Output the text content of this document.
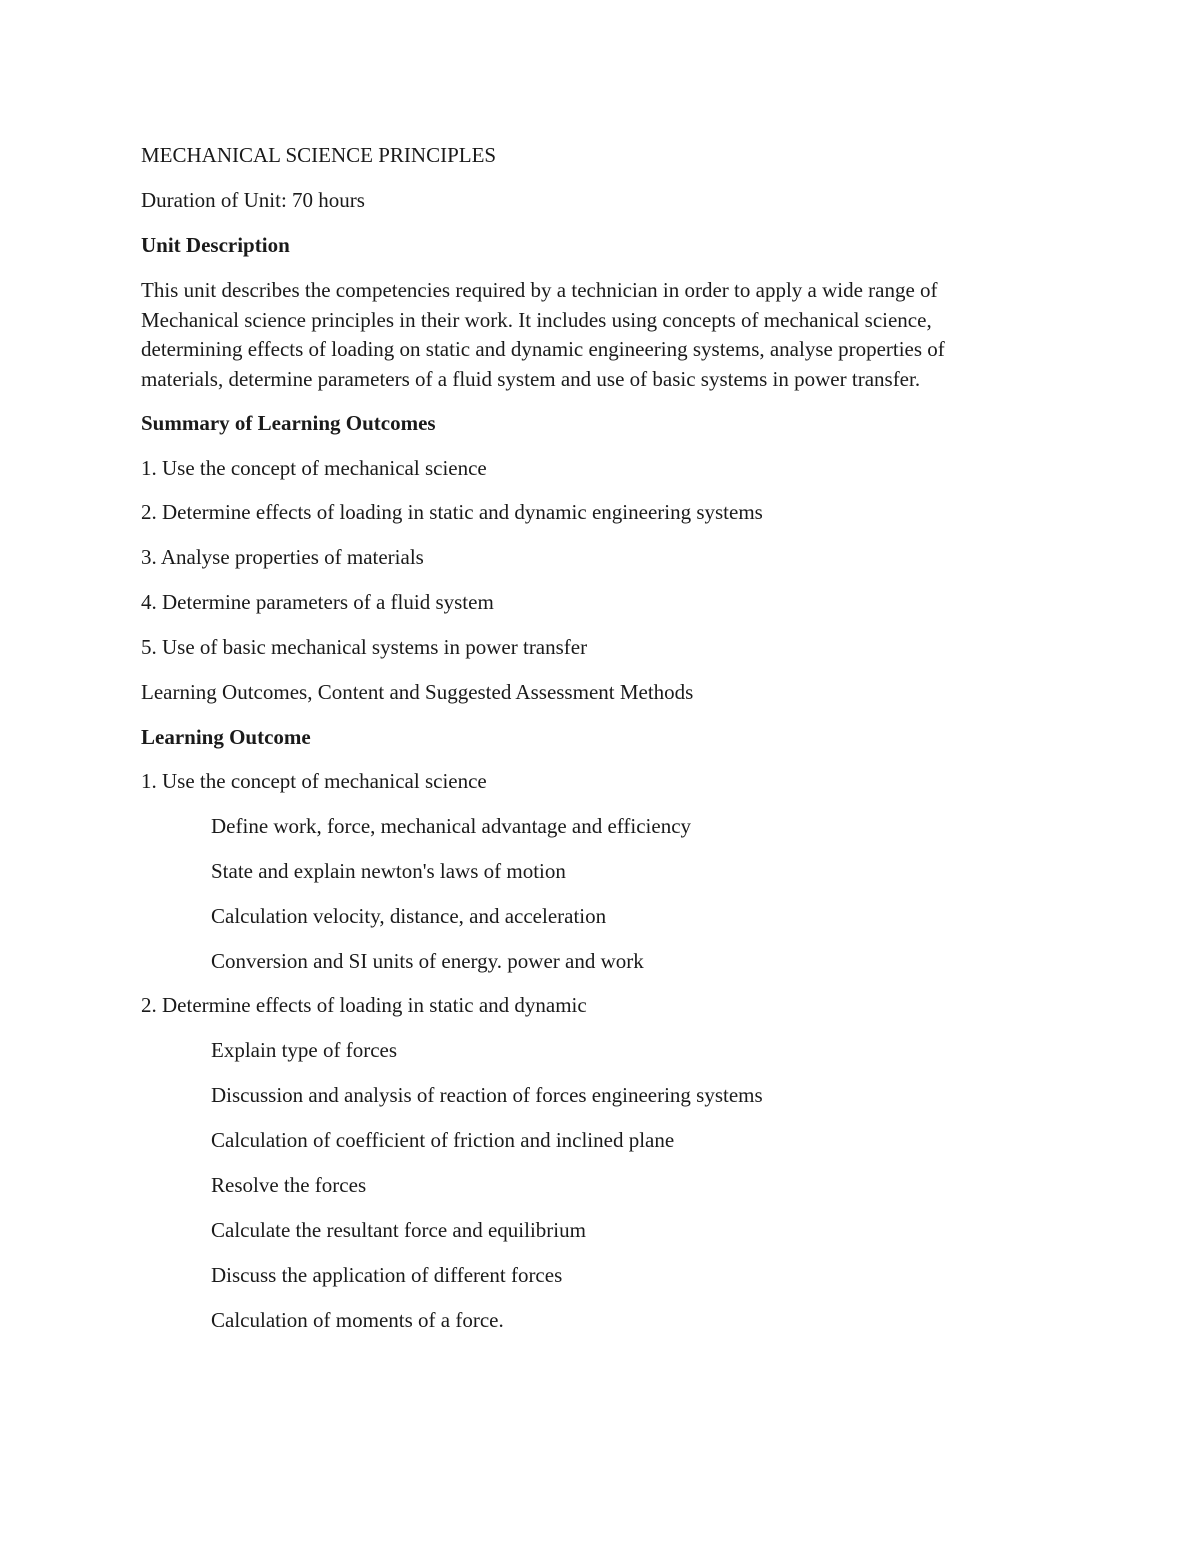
MECHANICAL SCIENCE PRINCIPLES

Duration of Unit: 70 hours

Unit Description

This unit describes the competencies required by a technician in order to apply a wide range of
Mechanical science principles in their work. It includes using concepts of mechanical science,
determining effects of loading on static and dynamic engineering systems, analyse properties of
materials, determine parameters of a fluid system and use of basic systems in power transfer.

Summary of Learning Outcomes

1. Use the concept of mechanical science

2. Determine effects of loading in static and dynamic engineering systems

3. Analyse properties of materials

4. Determine parameters of a fluid system

5. Use of basic mechanical systems in power transfer

Learning Outcomes, Content and Suggested Assessment Methods

Learning Outcome

1. Use the concept of mechanical science

Define work, force, mechanical advantage and efficiency

State and explain newton's laws of motion

Calculation velocity, distance, and acceleration

Conversion and SI units of energy. power and work

2. Determine effects of loading in static and dynamic

Explain type of forces

Discussion and analysis of reaction of forces engineering systems

Calculation of coefficient of friction and inclined plane

Resolve the forces

Calculate the resultant force and equilibrium

Discuss the application of different forces

Calculation of moments of a force.
